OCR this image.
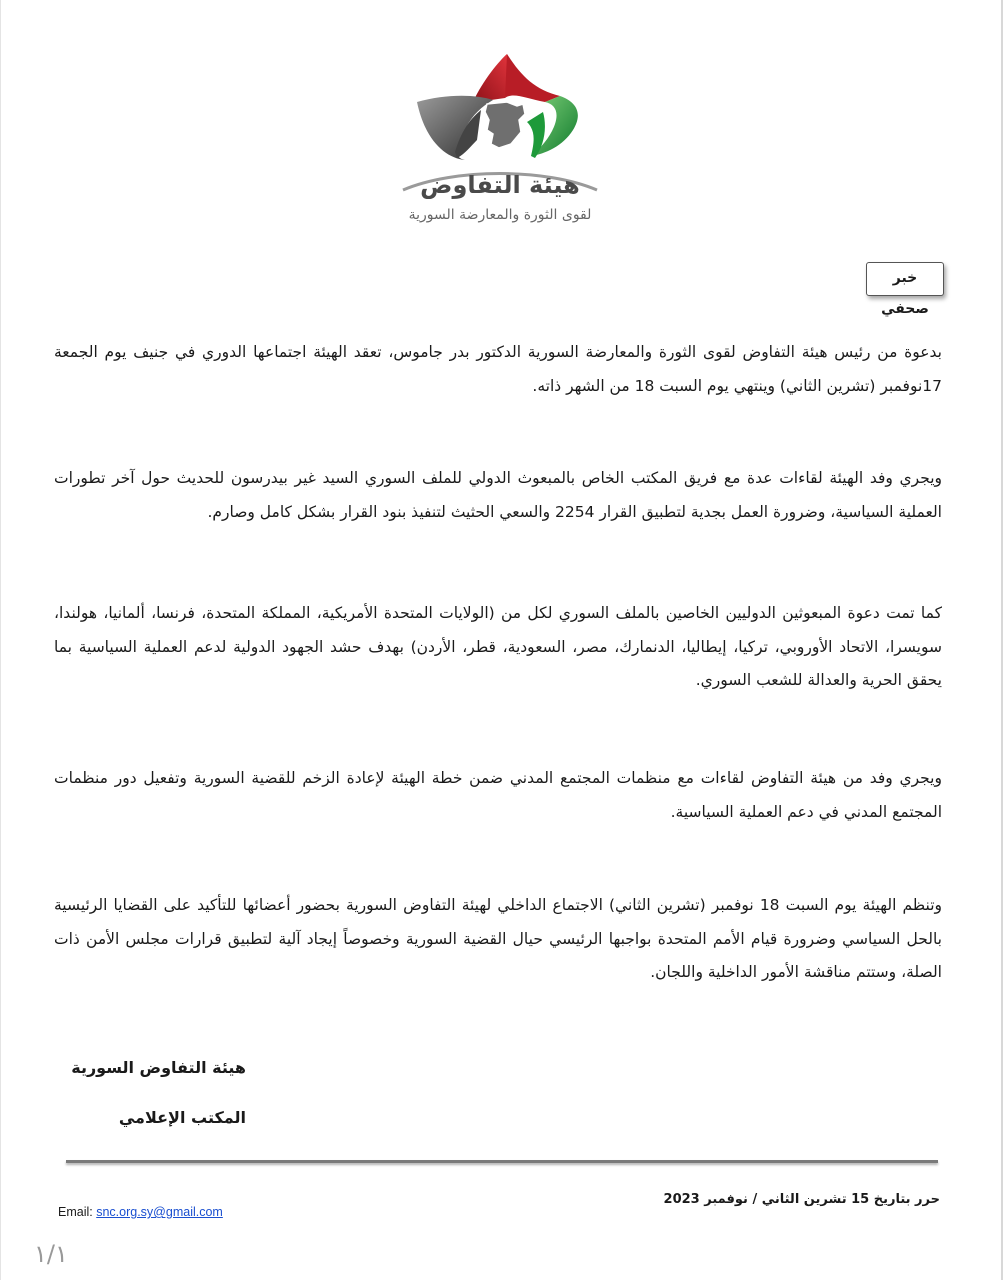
هيئة التفاوض
لقوى الثورة والمعارضة السورية
خبر صحفي

بدعوة من رئيس هيئة التفاوض لقوى الثورة والمعارضة السورية الدكتور بدر جاموس، تعقد الهيئة اجتماعها الدوري في جنيف يوم الجمعة 17نوفمبر (تشرين الثاني) وينتهي يوم السبت 18 من الشهر ذاته.

ويجري وفد الهيئة لقاءات عدة مع فريق المكتب الخاص بالمبعوث الدولي للملف السوري السيد غير بيدرسون للحديث حول آخر تطورات العملية السياسية، وضرورة العمل بجدية لتطبيق القرار 2254 والسعي الحثيث لتنفيذ بنود القرار بشكل كامل وصارم.

كما تمت دعوة المبعوثين الدوليين الخاصين بالملف السوري لكل من (الولايات المتحدة الأمريكية، المملكة المتحدة، فرنسا، ألمانيا، هولندا، سويسرا، الاتحاد الأوروبي، تركيا، إيطاليا، الدنمارك، مصر، السعودية، قطر، الأردن) بهدف حشد الجهود الدولية لدعم العملية السياسية بما يحقق الحرية والعدالة للشعب السوري.

ويجري وفد من هيئة التفاوض لقاءات مع منظمات المجتمع المدني ضمن خطة الهيئة لإعادة الزخم للقضية السورية وتفعيل دور منظمات المجتمع المدني في دعم العملية السياسية.

وتنظم الهيئة يوم السبت 18 نوفمبر (تشرين الثاني) الاجتماع الداخلي لهيئة التفاوض السورية بحضور أعضائها للتأكيد على القضايا الرئيسية بالحل السياسي وضرورة قيام الأمم المتحدة بواجبها الرئيسي حيال القضية السورية وخصوصاً إيجاد آلية لتطبيق قرارات مجلس الأمن ذات الصلة، وستتم مناقشة الأمور الداخلية واللجان.

هيئة التفاوض السورية
المكتب الإعلامي
Email: snc.org.sy@gmail.com
حرر بتاريخ 15 تشرين الثاني / نوفمبر 2023
١/١
